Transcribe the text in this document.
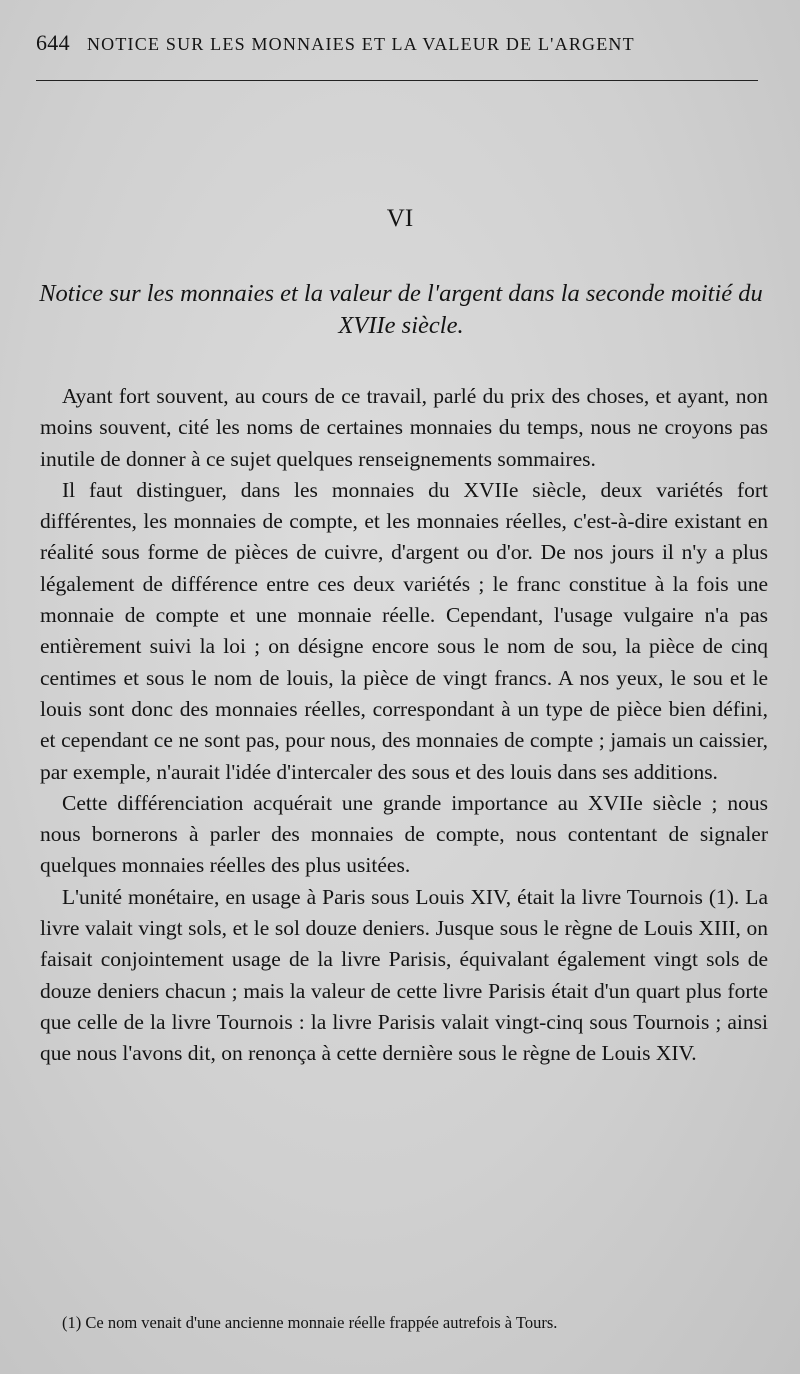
644 NOTICE SUR LES MONNAIES ET LA VALEUR DE L'ARGENT
VI
Notice sur les monnaies et la valeur de l'argent dans la seconde moitié du XVIIe siècle.

Ayant fort souvent, au cours de ce travail, parlé du prix des choses, et ayant, non moins souvent, cité les noms de certaines monnaies du temps, nous ne croyons pas inutile de donner à ce sujet quelques renseignements sommaires.

Il faut distinguer, dans les monnaies du XVIIe siècle, deux variétés fort différentes, les monnaies de compte, et les monnaies réelles, c'est-à-dire existant en réalité sous forme de pièces de cuivre, d'argent ou d'or. De nos jours il n'y a plus légalement de différence entre ces deux variétés ; le franc constitue à la fois une monnaie de compte et une monnaie réelle. Cependant, l'usage vulgaire n'a pas entièrement suivi la loi ; on désigne encore sous le nom de sou, la pièce de cinq centimes et sous le nom de louis, la pièce de vingt francs. A nos yeux, le sou et le louis sont donc des monnaies réelles, correspondant à un type de pièce bien défini, et cependant ce ne sont pas, pour nous, des monnaies de compte ; jamais un caissier, par exemple, n'aurait l'idée d'intercaler des sous et des louis dans ses additions.

Cette différenciation acquérait une grande importance au XVIIe siècle ; nous nous bornerons à parler des monnaies de compte, nous contentant de signaler quelques monnaies réelles des plus usitées.

L'unité monétaire, en usage à Paris sous Louis XIV, était la livre Tournois (1). La livre valait vingt sols, et le sol douze deniers. Jusque sous le règne de Louis XIII, on faisait conjointement usage de la livre Parisis, équivalant également vingt sols de douze deniers chacun ; mais la valeur de cette livre Parisis était d'un quart plus forte que celle de la livre Tournois : la livre Parisis valait vingt-cinq sous Tournois ; ainsi que nous l'avons dit, on renonça à cette dernière sous le règne de Louis XIV.

(1) Ce nom venait d'une ancienne monnaie réelle frappée autrefois à Tours.
